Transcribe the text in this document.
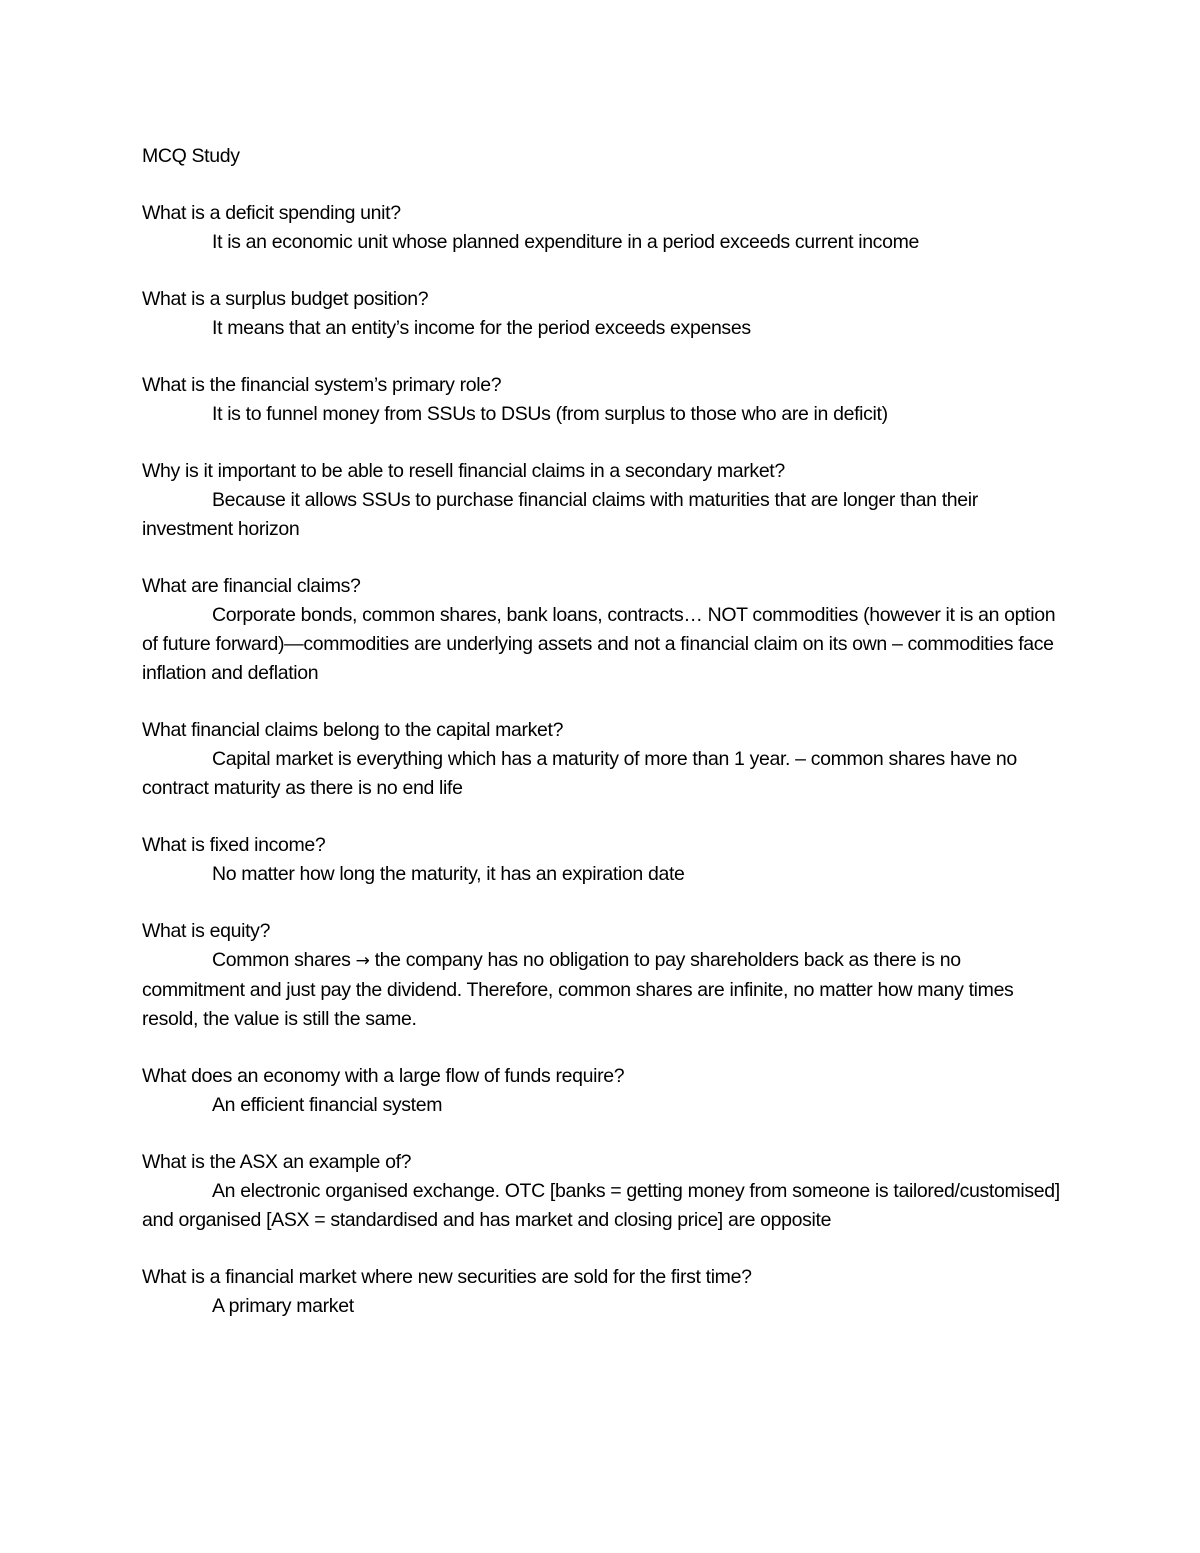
MCQ Study

What is a deficit spending unit?

It is an economic unit whose planned expenditure in a period exceeds current income

What is a surplus budget position?

It means that an entity’s income for the period exceeds expenses

What is the financial system’s primary role?

It is to funnel money from SSUs to DSUs (from surplus to those who are in deficit)

Why is it important to be able to resell financial claims in a secondary market?

Because it allows SSUs to purchase financial claims with maturities that are longer than their investment horizon

What are financial claims?

Corporate bonds, common shares, bank loans, contracts… NOT commodities (however it is an option of future forward)—commodities are underlying assets and not a financial claim on its own – commodities face inflation and deflation

What financial claims belong to the capital market?

Capital market is everything which has a maturity of more than 1 year. – common shares have no contract maturity as there is no end life

What is fixed income?

No matter how long the maturity, it has an expiration date

What is equity?

Common shares → the company has no obligation to pay shareholders back as there is no commitment and just pay the dividend. Therefore, common shares are infinite, no matter how many times resold, the value is still the same.

What does an economy with a large flow of funds require?

An efficient financial system

What is the ASX an example of?

An electronic organised exchange. OTC [banks = getting money from someone is tailored/customised] and organised [ASX = standardised and has market and closing price] are opposite

What is a financial market where new securities are sold for the first time?

A primary market
